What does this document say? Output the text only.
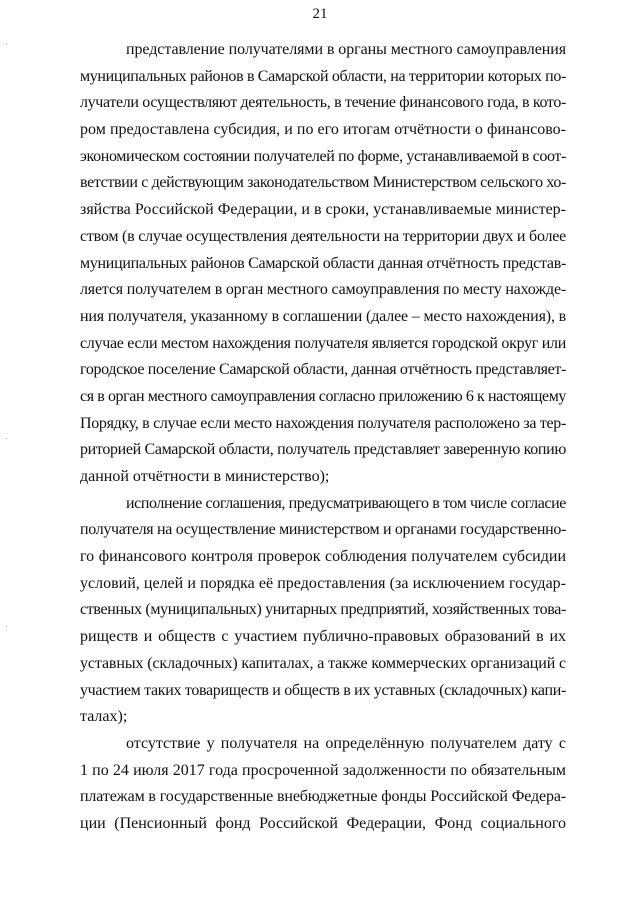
21
представление получателями в органы местного самоуправления
муниципальных районов в Самарской области, на территории которых по-
лучатели осуществляют деятельность, в течение финансового года, в кото-
ром предоставлена субсидия, и по его итогам отчётности о финансово-
экономическом состоянии получателей по форме, устанавливаемой в соот-
ветствии с действующим законодательством Министерством сельского хо-
зяйства Российской Федерации, и в сроки, устанавливаемые министер-
ством (в случае осуществления деятельности на территории двух и более
муниципальных районов Самарской области данная отчётность представ-
ляется получателем в орган местного самоуправления по месту нахожде-
ния получателя, указанному в соглашении (далее – место нахождения), в
случае если местом нахождения получателя является городской округ или
городское поселение Самарской области, данная отчётность представляет-
ся в орган местного самоуправления согласно приложению 6 к настоящему
Порядку, в случае если место нахождения получателя расположено за тер-
риторией Самарской области, получатель представляет заверенную копию
данной отчётности в министерство);
исполнение соглашения, предусматривающего в том числе согласие
получателя на осуществление министерством и органами государственно-
го финансового контроля проверок соблюдения получателем субсидии
условий, целей и порядка её предоставления (за исключением государ-
ственных (муниципальных) унитарных предприятий, хозяйственных това-
риществ и обществ с участием публично-правовых образований в их
уставных (складочных) капиталах, а также коммерческих организаций с
участием таких товариществ и обществ в их уставных (складочных) капи-
талах);
отсутствие у получателя на определённую получателем дату с
1 по 24 июля 2017 года просроченной задолженности по обязательным
платежам в государственные внебюджетные фонды Российской Федера-
ции (Пенсионный фонд Российской Федерации, Фонд социального
